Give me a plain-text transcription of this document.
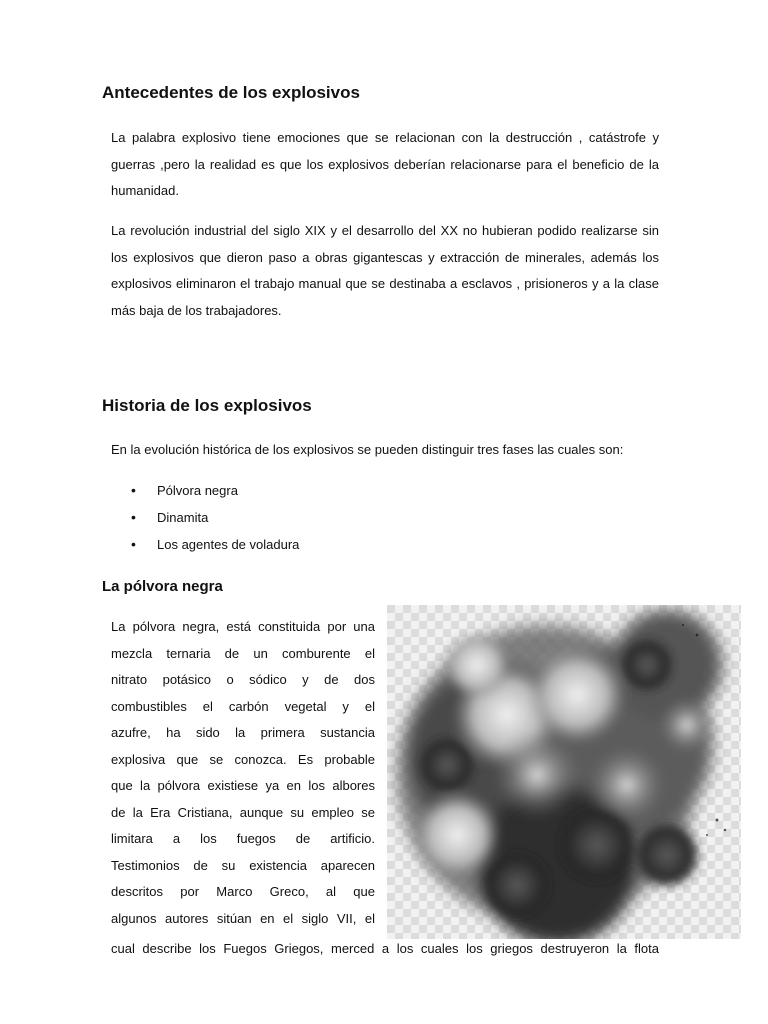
Antecedentes de los explosivos

La palabra explosivo tiene emociones que se relacionan con la destrucción , catástrofe y guerras ,pero la realidad es que los explosivos deberían relacionarse para el beneficio de la humanidad.

La revolución industrial del siglo XIX y el desarrollo del XX no hubieran podido realizarse sin los explosivos que dieron paso a obras gigantescas y extracción de minerales, además los explosivos eliminaron el trabajo manual que se destinaba a esclavos , prisioneros y a la clase más baja de los trabajadores.

Historia de los explosivos

En la evolución histórica de los explosivos se pueden distinguir tres fases las cuales son:

• Pólvora negra
• Dinamita
• Los agentes de voladura
La pólvora negra

La pólvora negra, está constituida por una

mezcla ternaria de un comburente el

nitrato potásico o sódico y de dos

combustibles el carbón vegetal y el

azufre, ha sido la primera sustancia

explosiva que se conozca. Es probable

que la pólvora existiese ya en los albores

de la Era Cristiana, aunque su empleo se

limitara a los fuegos de artificio.

Testimonios de su existencia aparecen

descritos por Marco Greco, al que

algunos autores sitúan en el siglo VII, el

cual describe los Fuegos Griegos, merced a los cuales los griegos destruyeron la flota
